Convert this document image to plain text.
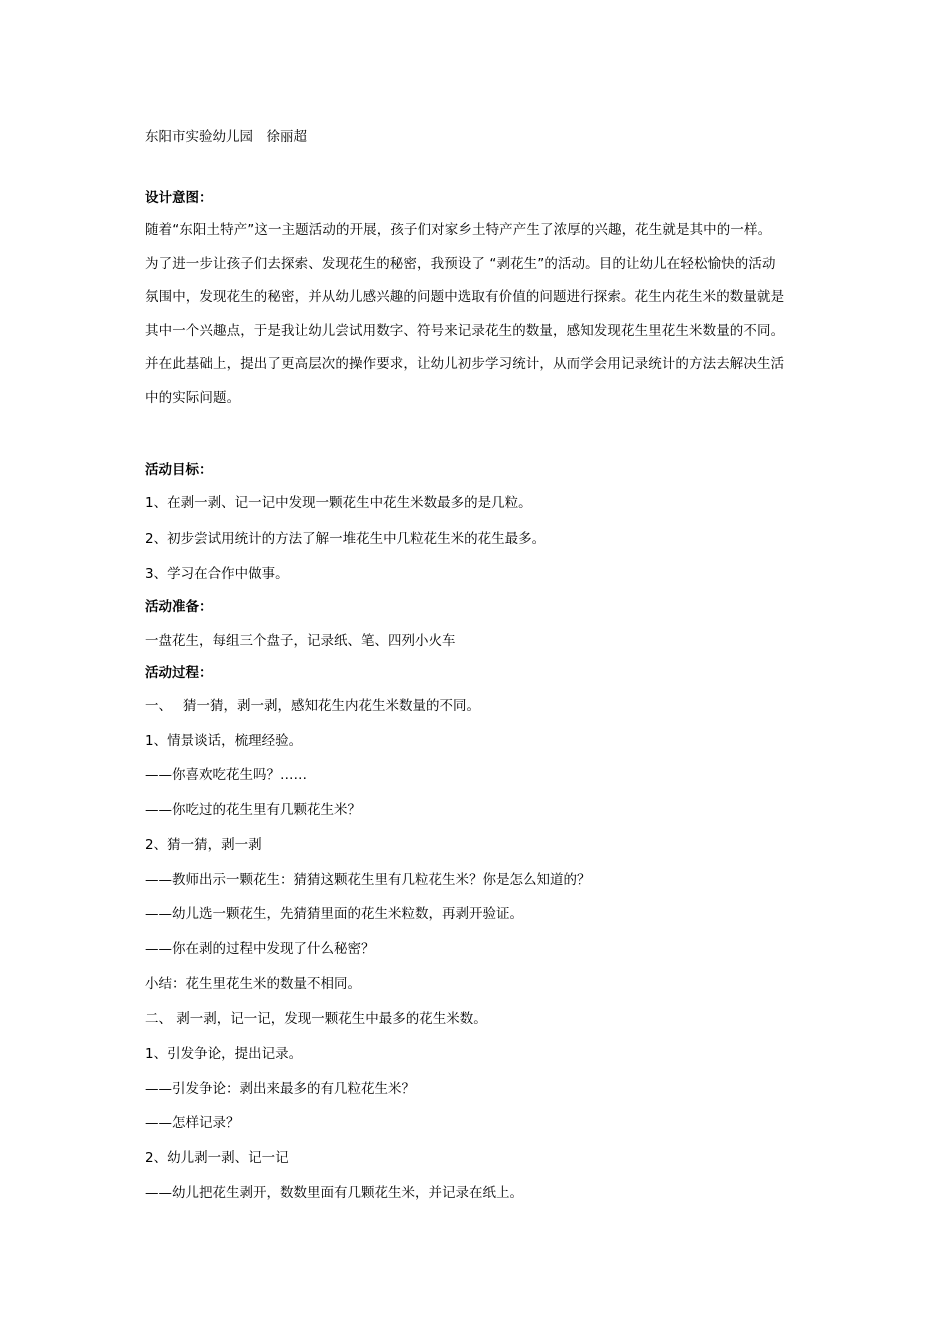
东阳市实验幼儿园　徐丽超

设计意图：

随着“东阳土特产”这一主题活动的开展，孩子们对家乡土特产产生了浓厚的兴趣，花生就是其中的一样。
为了进一步让孩子们去探索、发现花生的秘密，我预设了 “剥花生”的活动。目的让幼儿在轻松愉快的活动
氛围中，发现花生的秘密，并从幼儿感兴趣的问题中选取有价值的问题进行探索。花生内花生米的数量就是
其中一个兴趣点，于是我让幼儿尝试用数字、符号来记录花生的数量，感知发现花生里花生米数量的不同。
并在此基础上，提出了更高层次的操作要求，让幼儿初步学习统计，从而学会用记录统计的方法去解决生活
中的实际问题。

活动目标：

1、在剥一剥、记一记中发现一颗花生中花生米数最多的是几粒。

2、初步尝试用统计的方法了解一堆花生中几粒花生米的花生最多。

3、学习在合作中做事。

活动准备：

一盘花生，每组三个盘子，记录纸、笔、四列小火车

活动过程：

一、　 猜一猜，剥一剥，感知花生内花生米数量的不同。

1、情景谈话，梳理经验。

——你喜欢吃花生吗？……

——你吃过的花生里有几颗花生米？

2、猜一猜，剥一剥

——教师出示一颗花生：猜猜这颗花生里有几粒花生米？你是怎么知道的？

——幼儿选一颗花生，先猜猜里面的花生米粒数，再剥开验证。

——你在剥的过程中发现了什么秘密？

小结：花生里花生米的数量不相同。

二、 剥一剥，记一记，发现一颗花生中最多的花生米数。

1、引发争论，提出记录。

——引发争论：剥出来最多的有几粒花生米？

——怎样记录？

2、幼儿剥一剥、记一记

——幼儿把花生剥开，数数里面有几颗花生米，并记录在纸上。
